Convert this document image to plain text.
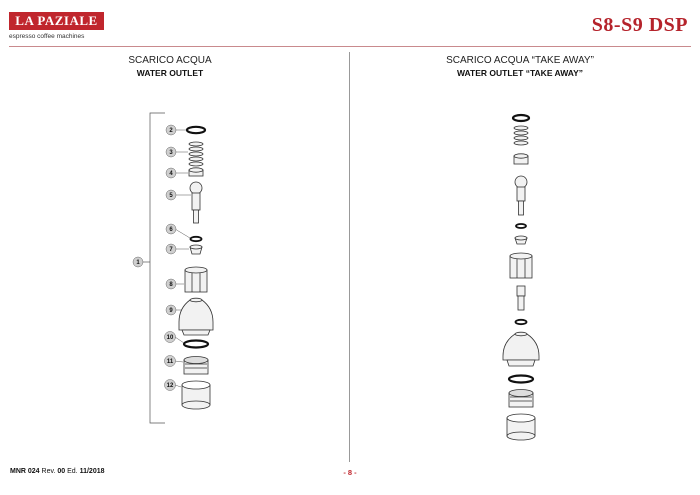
LA PAZIALE
espresso coffee machines
S8-S9 DSP
SCARICO ACQUA
WATER OUTLET
SCARICO ACQUA “TAKE AWAY”
WATER OUTLET “TAKE AWAY”
1
2
3
4
5
6
7
8
9
10
11
12
MNR 024 Rev. 00 Ed. 11/2018	- 8 -
